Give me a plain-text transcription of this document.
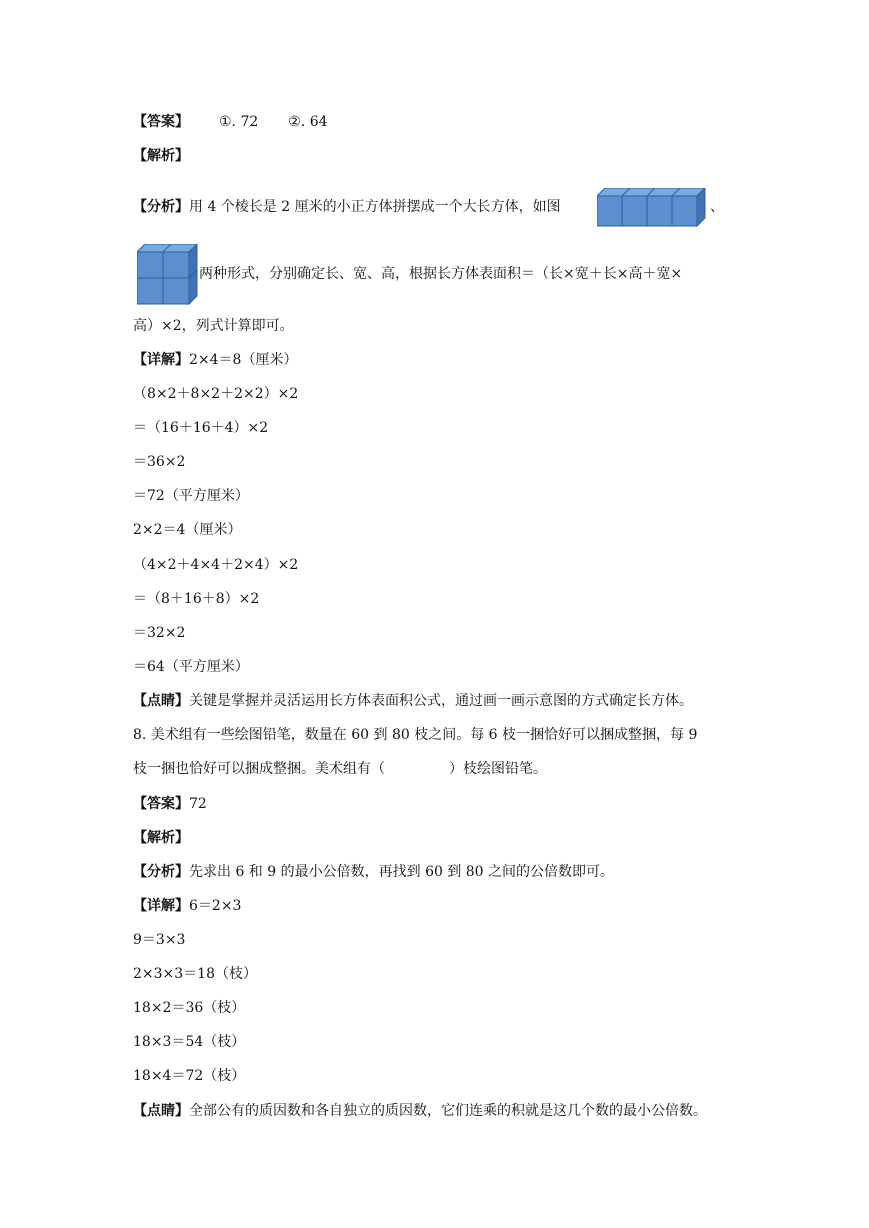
【答案】 ①. 72 ②. 64
【解析】
【分析】用 4 个棱长是 2 厘米的小正方体拼摆成一个大长方体，如图	、
两种形式，分别确定长、宽、高，根据长方体表面积＝（长×宽＋长×高＋宽×
高）×2，列式计算即可。
【详解】2×4＝8（厘米）
（8×2＋8×2＋2×2）×2
＝（16＋16＋4）×2
＝36×2
＝72（平方厘米）
2×2＝4（厘米）
（4×2＋4×4＋2×4）×2
＝（8＋16＋8）×2
＝32×2
＝64（平方厘米）
【点睛】关键是掌握并灵活运用长方体表面积公式，通过画一画示意图的方式确定长方体。
8. 美术组有一些绘图铅笔，数量在 60 到 80 枝之间。每 6 枝一捆恰好可以捆成整捆，每 9
枝一捆也恰好可以捆成整捆。美术组有（	）枝绘图铅笔。
【答案】72
【解析】
【分析】先求出 6 和 9 的最小公倍数，再找到 60 到 80 之间的公倍数即可。
【详解】6＝2×3
9＝3×3
2×3×3＝18（枝）
18×2＝36（枝）
18×3＝54（枝）
18×4＝72（枝）
【点睛】全部公有的质因数和各自独立的质因数，它们连乘的积就是这几个数的最小公倍数。
